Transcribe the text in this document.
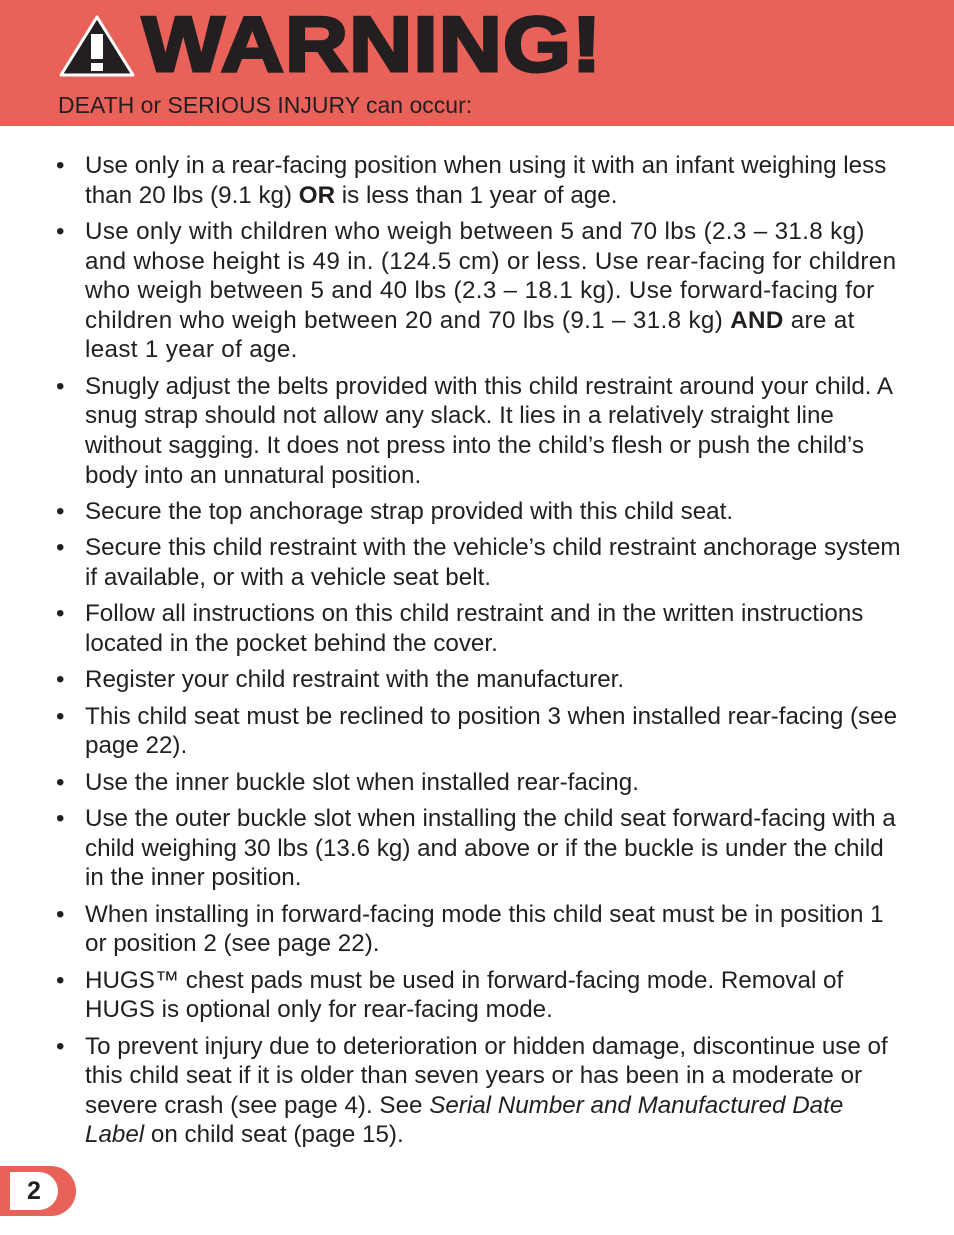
WARNING!
DEATH or SERIOUS INJURY can occur:
• Use only in a rear-facing position when using it with an infant weighing less than 20 lbs (9.1 kg) OR is less than 1 year of age.
• Use only with children who weigh between 5 and 70 lbs (2.3 – 31.8 kg) and whose height is 49 in. (124.5 cm) or less. Use rear-facing for children who weigh between 5 and 40 lbs (2.3 – 18.1 kg). Use forward-facing for children who weigh between 20 and 70 lbs (9.1 – 31.8 kg) AND are at least 1 year of age.
• Snugly adjust the belts provided with this child restraint around your child. A snug strap should not allow any slack. It lies in a relatively straight line without sagging. It does not press into the child’s flesh or push the child’s body into an unnatural position.
• Secure the top anchorage strap provided with this child seat.
• Secure this child restraint with the vehicle’s child restraint anchorage system if available, or with a vehicle seat belt.
• Follow all instructions on this child restraint and in the written instructions located in the pocket behind the cover.
• Register your child restraint with the manufacturer.
• This child seat must be reclined to position 3 when installed rear-facing (see page 22).
• Use the inner buckle slot when installed rear-facing.
• Use the outer buckle slot when installing the child seat forward-facing with a child weighing 30 lbs (13.6 kg) and above or if the buckle is under the child in the inner position.
• When installing in forward-facing mode this child seat must be in position 1 or position 2 (see page 22).
• HUGS™ chest pads must be used in forward-facing mode. Removal of HUGS is optional only for rear-facing mode.
• To prevent injury due to deterioration or hidden damage, discontinue use of this child seat if it is older than seven years or has been in a moderate or severe crash (see page 4). See Serial Number and Manufactured Date Label on child seat (page 15).
2
